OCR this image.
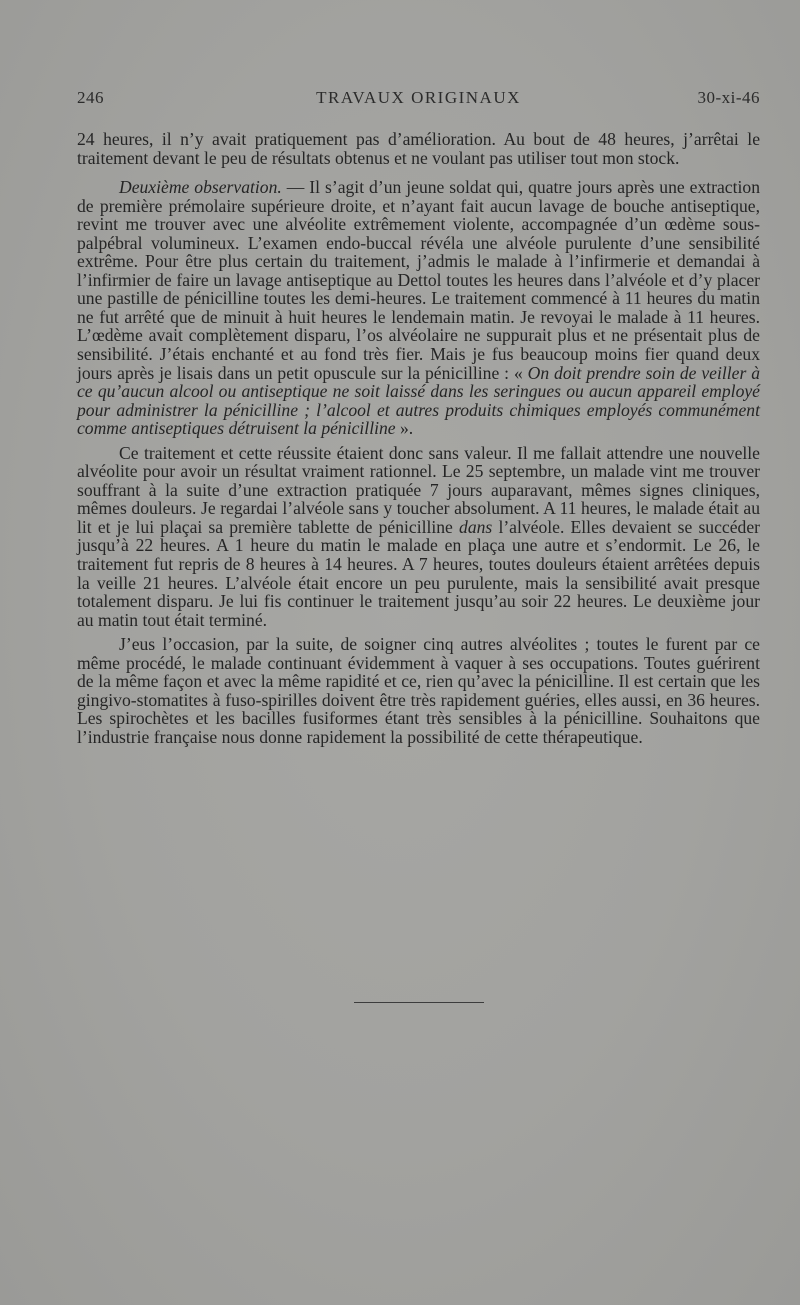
246	TRAVAUX ORIGINAUX	30-xi-46

24 heures, il n’y avait pratiquement pas d’amélioration. Au bout de 48 heures, j’arrêtai le traitement devant le peu de résultats obtenus et ne voulant pas utiliser tout mon stock.

Deuxième observation. — Il s’agit d’un jeune soldat qui, quatre jours après une extraction de première prémolaire supérieure droite, et n’ayant fait aucun lavage de bouche antiseptique, revint me trouver avec une alvéolite extrêmement violente, accompagnée d’un œdème sous-palpébral volumineux. L’examen endo-buccal révéla une alvéole purulente d’une sensibilité extrême. Pour être plus certain du traitement, j’admis le malade à l’infirmerie et demandai à l’infirmier de faire un lavage antiseptique au Dettol toutes les heures dans l’alvéole et d’y placer une pastille de pénicilline toutes les demi-heures. Le traitement commencé à 11 heures du matin ne fut arrêté que de minuit à huit heures le lendemain matin. Je revoyai le malade à 11 heures. L’œdème avait complètement disparu, l’os alvéolaire ne suppurait plus et ne présentait plus de sensibilité. J’étais enchanté et au fond très fier. Mais je fus beaucoup moins fier quand deux jours après je lisais dans un petit opuscule sur la pénicilline : « On doit prendre soin de veiller à ce qu’aucun alcool ou antiseptique ne soit laissé dans les seringues ou aucun appareil employé pour administrer la pénicilline ; l’alcool et autres produits chimiques employés communément comme antiseptiques détruisent la pénicilline ».

Ce traitement et cette réussite étaient donc sans valeur. Il me fallait attendre une nouvelle alvéolite pour avoir un résultat vraiment rationnel. Le 25 septembre, un malade vint me trouver souffrant à la suite d’une extraction pratiquée 7 jours auparavant, mêmes signes cliniques, mêmes douleurs. Je regardai l’alvéole sans y toucher absolument. A 11 heures, le malade était au lit et je lui plaçai sa première tablette de pénicilline dans l’alvéole. Elles devaient se succéder jusqu’à 22 heures. A 1 heure du matin le malade en plaça une autre et s’endormit. Le 26, le traitement fut repris de 8 heures à 14 heures. A 7 heures, toutes douleurs étaient arrêtées depuis la veille 21 heures. L’alvéole était encore un peu purulente, mais la sensibilité avait presque totalement disparu. Je lui fis continuer le traitement jusqu’au soir 22 heures. Le deuxième jour au matin tout était terminé.

J’eus l’occasion, par la suite, de soigner cinq autres alvéolites ; toutes le furent par ce même procédé, le malade continuant évidemment à vaquer à ses occupations. Toutes guérirent de la même façon et avec la même rapidité et ce, rien qu’avec la pénicilline. Il est certain que les gingivo-stomatites à fuso-spirilles doivent être très rapidement guéries, elles aussi, en 36 heures. Les spirochètes et les bacilles fusiformes étant très sensibles à la pénicilline. Souhaitons que l’industrie française nous donne rapidement la possibilité de cette thérapeutique.
